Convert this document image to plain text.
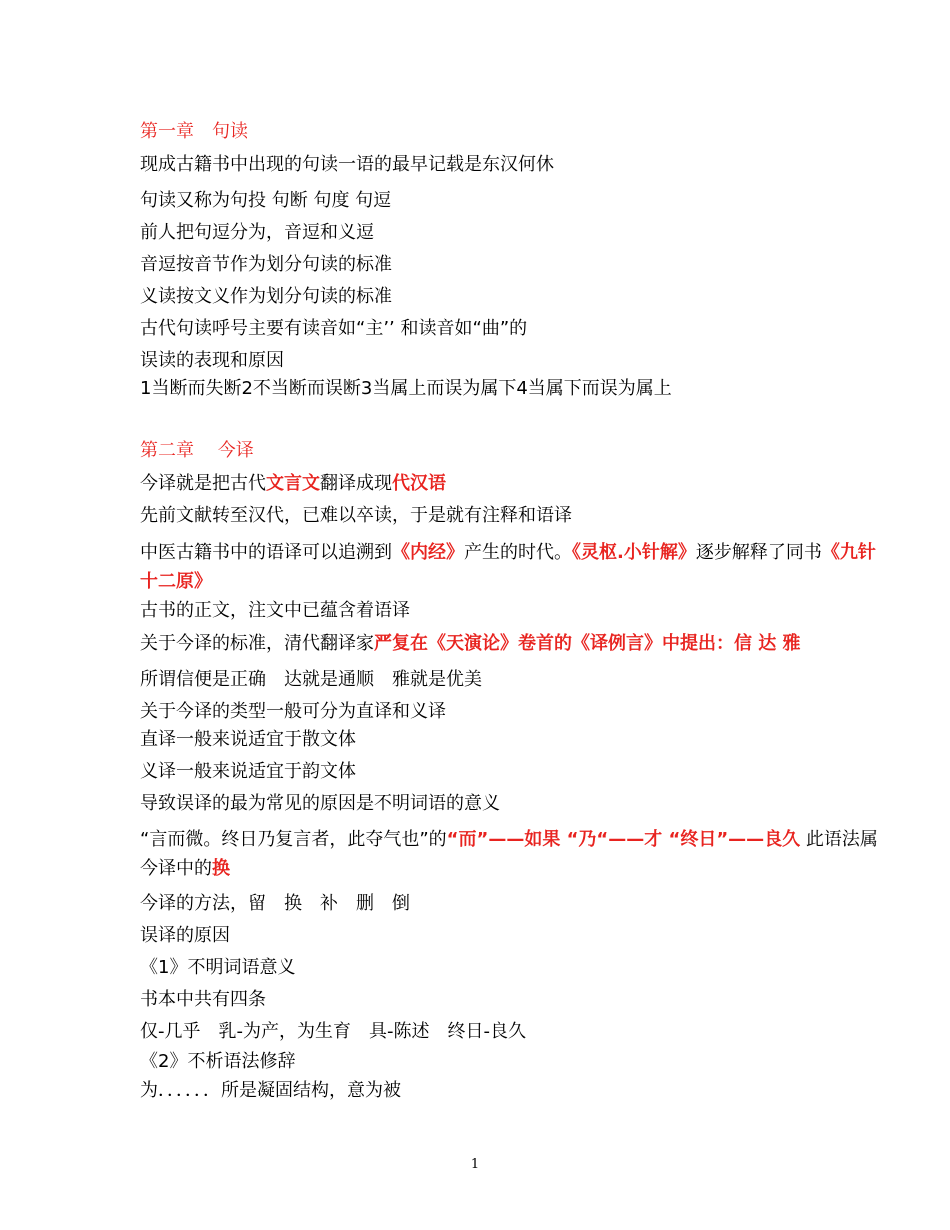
第一章　句读
现成古籍书中出现的句读一语的最早记载是东汉何休
句读又称为句投 句断 句度 句逗
前人把句逗分为，音逗和义逗
音逗按音节作为划分句读的标准
义读按文义作为划分句读的标准
古代句读呼号主要有读音如“主’’ 和读音如“曲”的
误读的表现和原因
1当断而失断2不当断而误断3当属上而误为属下4当属下而误为属上
第二章　 今译
今译就是把古代文言文翻译成现代汉语
先前文献转至汉代，已难以卒读，于是就有注释和语译
中医古籍书中的语译可以追溯到《内经》产生的时代。《灵枢.小针解》逐步解释了同书《九针十二原》
古书的正文，注文中已蕴含着语译
关于今译的标准，清代翻译家严复在《天演论》卷首的《译例言》中提出：信 达 雅
所谓信便是正确　达就是通顺　雅就是优美
关于今译的类型一般可分为直译和义译
直译一般来说适宜于散文体
义译一般来说适宜于韵文体
导致误译的最为常见的原因是不明词语的意义
“言而微。终日乃复言者，此夺气也”的“而”——如果 “乃“——才 “终日”——良久 此语法属今译中的换
今译的方法，留　换　补　删　倒
误译的原因
《1》不明词语意义
书本中共有四条
仅-几乎　乳-为产，为生育　具-陈述　终日-良久
《2》不析语法修辞
为．．．．．．所是凝固结构，意为被
1
